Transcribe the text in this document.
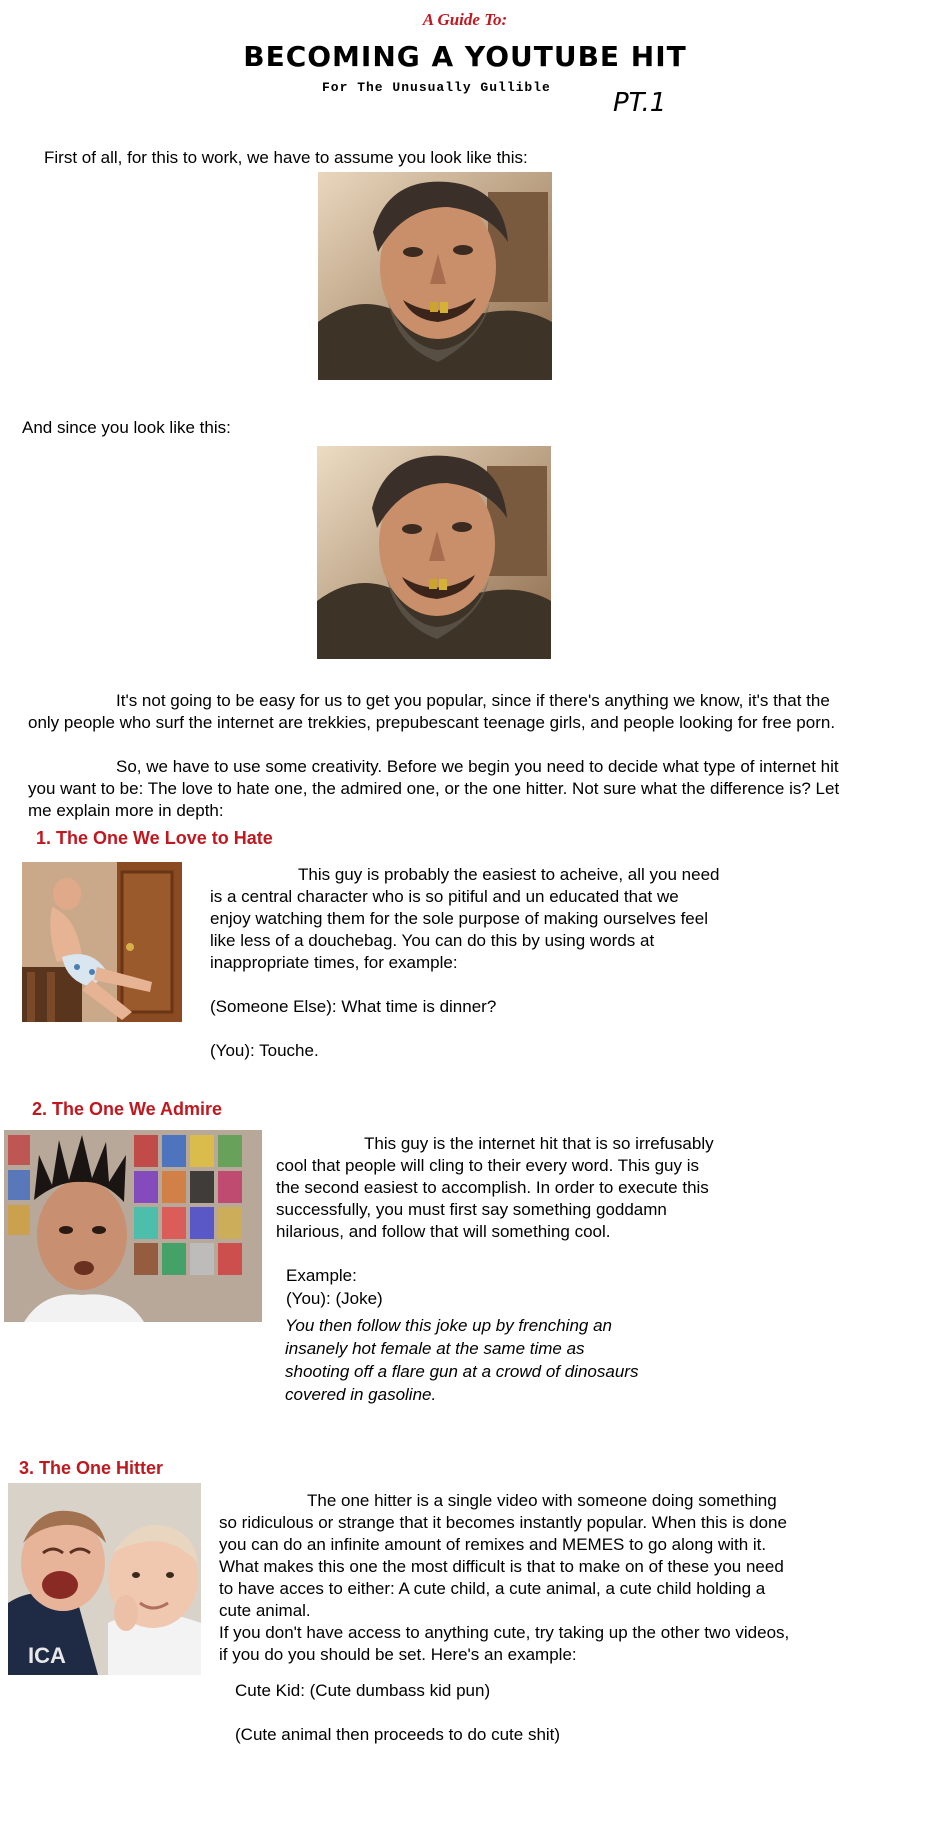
A Guide To:
BECOMING A YOUTUBE HIT
For The Unusually Gullible
PT.1
First of all, for this to work, we have to assume you look like this:
And since you look like this:
It's not going to be easy for us to get you popular, since if there's anything we know, it's that the only people who surf the internet are trekkies, prepubescant teenage girls, and people looking for free porn.
So, we have to use some creativity. Before we begin you need to decide what type of internet hit you want to be: The love to hate one, the admired one, or the one hitter. Not sure what the difference is? Let me explain more in depth:
1. The One We Love to Hate
This guy is probably the easiest to acheive, all you need is a central character who is so pitiful and un educated that we enjoy watching them for the sole purpose of making ourselves feel like less of a douchebag. You can do this by using words at inappropriate times, for example:
(Someone Else): What time is dinner?
(You): Touche.
2. The One We Admire
This guy is the internet hit that is so irrefusably cool that people will cling to their every word. This guy is the second easiest to accomplish. In order to execute this successfully, you must first say something goddamn hilarious, and follow that will something cool.
Example:
(You): (Joke)
You then follow this joke up by frenching an insanely hot female at the same time as shooting off a flare gun at a crowd of dinosaurs covered in gasoline.
3. The One Hitter
ICA
The one hitter is a single video with someone doing something so ridiculous or strange that it becomes instantly popular. When this is done you can do an infinite amount of remixes and MEMES to go along with it. What makes this one the most difficult is that to make on of these you need to have acces to either: A cute child, a cute animal, a cute child holding a cute animal.
If you don't have access to anything cute, try taking up the other two videos, if you do you should be set. Here's an example:
Cute Kid: (Cute dumbass kid pun)
(Cute animal then proceeds to do cute shit)
